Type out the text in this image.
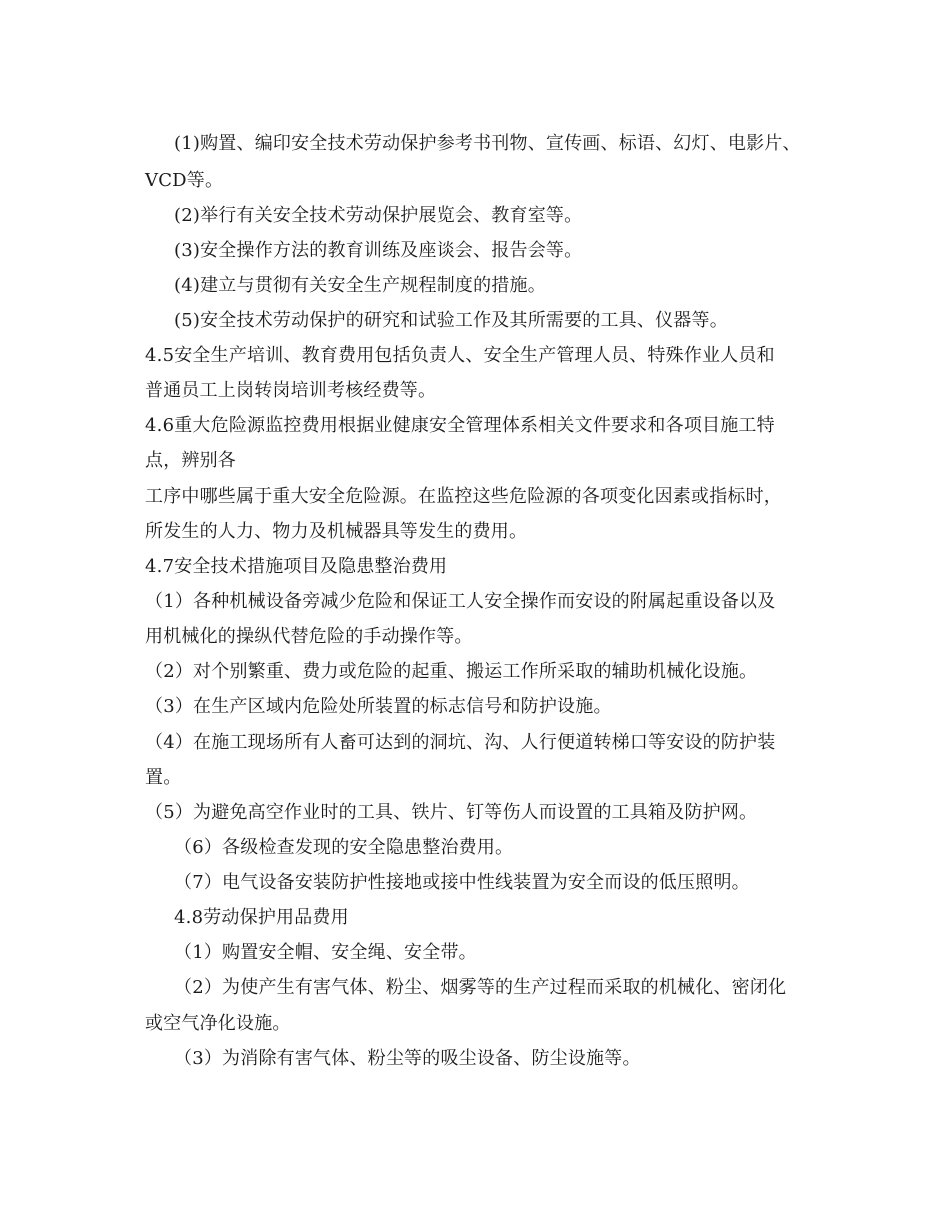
(1)购置、编印安全技术劳动保护参考书刊物、宣传画、标语、幻灯、电影片、
VCD等。
(2)举行有关安全技术劳动保护展览会、教育室等。
(3)安全操作方法的教育训练及座谈会、报告会等。
(4)建立与贯彻有关安全生产规程制度的措施。
(5)安全技术劳动保护的研究和试验工作及其所需要的工具、仪器等。
4.5安全生产培训、教育费用包括负责人、安全生产管理人员、特殊作业人员和
普通员工上岗转岗培训考核经费等。
4.6重大危险源监控费用根据业健康安全管理体系相关文件要求和各项目施工特
点，辨别各
工序中哪些属于重大安全危险源。在监控这些危险源的各项变化因素或指标时，
所发生的人力、物力及机械器具等发生的费用。
4.7安全技术措施项目及隐患整治费用
（1）各种机械设备旁减少危险和保证工人安全操作而安设的附属起重设备以及
用机械化的操纵代替危险的手动操作等。
（2）对个别繁重、费力或危险的起重、搬运工作所采取的辅助机械化设施。
（3）在生产区域内危险处所装置的标志信号和防护设施。
（4）在施工现场所有人畜可达到的洞坑、沟、人行便道转梯口等安设的防护装
置。
（5）为避免高空作业时的工具、铁片、钉等伤人而设置的工具箱及防护网。
（6）各级检查发现的安全隐患整治费用。
（7）电气设备安装防护性接地或接中性线装置为安全而设的低压照明。
4.8劳动保护用品费用
（1）购置安全帽、安全绳、安全带。
（2）为使产生有害气体、粉尘、烟雾等的生产过程而采取的机械化、密闭化
或空气净化设施。
（3）为消除有害气体、粉尘等的吸尘设备、防尘设施等。
